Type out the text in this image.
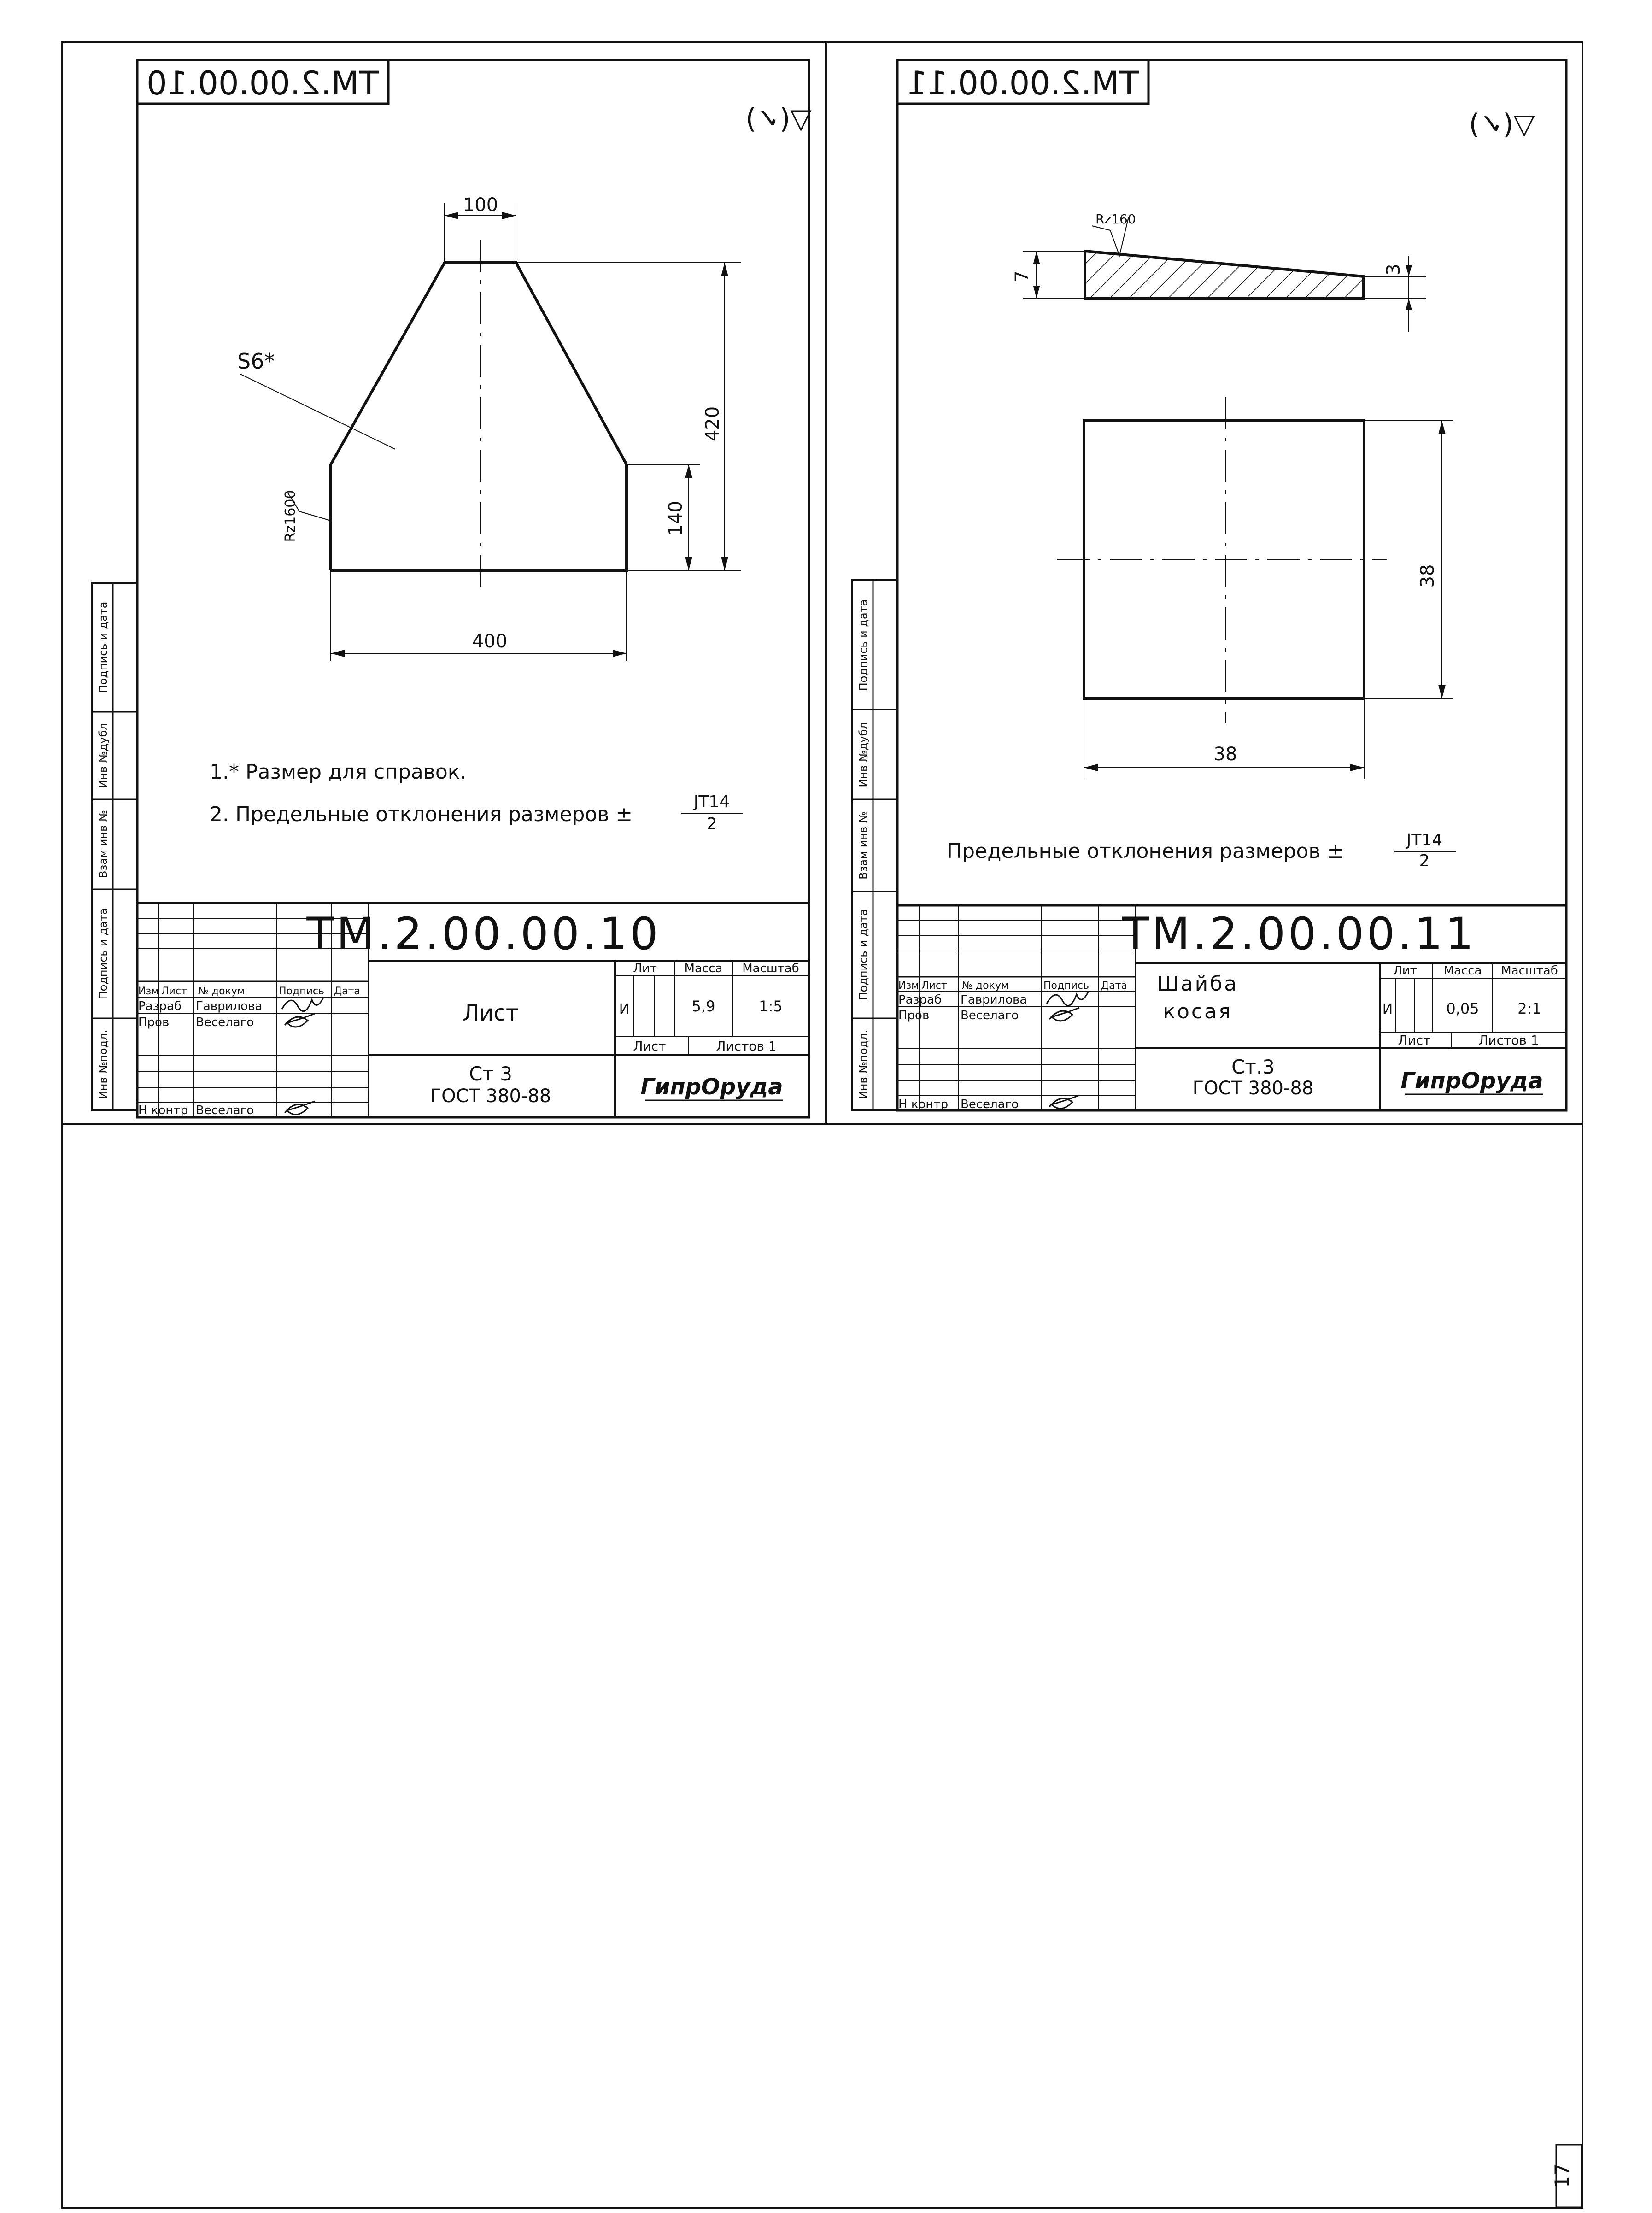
17
ТМ.2.00.00.10
▽(✓)
100
420
140
400
S6*
Rz1600
1.* Размер для справок.
2. Предельные отклонения размеров ±
JT14
2
Инв №подл.
Подпись и дата
Взам инв №
Инв №дубл
Подпись и дата
Изм Лист № докум	Подпись Дата
Разраб Гаврилова
Пров Веселаго
Н контр Веселаго
ТМ.2.00.00.10
Лист
Ст 3
ГОСТ 380-88
Лит Масса Масштаб
И	5,9	1:5
Лист	Листов 1
ГипрОруда
ТМ.2.00.00.11
▽(✓)
7
3
Rz160
38
38
Предельные отклонения размеров ±	JT14
2
Инв №подл.
Подпись и дата
Взам инв №
Инв №дубл
Подпись и дата
Изм Лист № докум	Подпись Дата
Разраб Гаврилова
Пров	Веселаго
Н контр Веселаго
ТМ.2.00.00.11
Шайба
косая
Ст.3
ГОСТ 380-88
Лит Масса Масштаб
И	0,05	2:1
Лист	Листов 1
ГипрОруда
